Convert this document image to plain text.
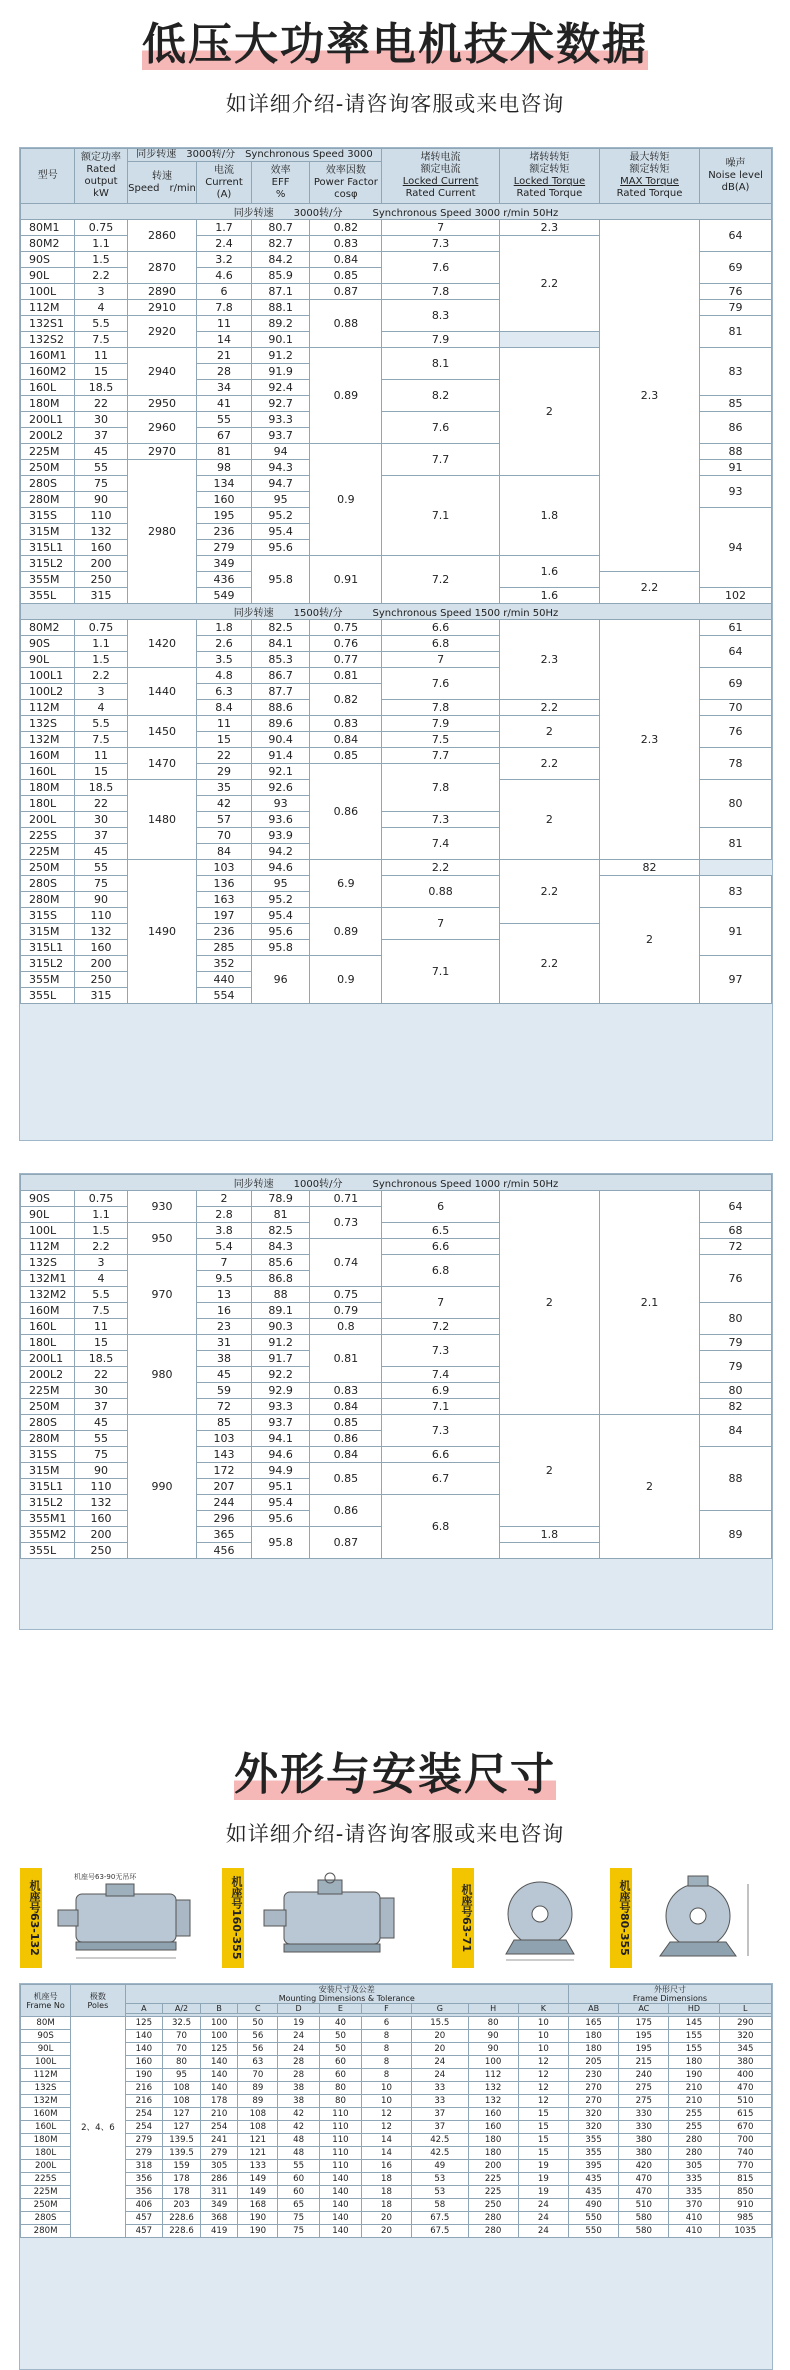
低压大功率电机技术数据
如详细介绍-请咨询客服或来电咨询
型号	额定功率
Rated
output
kW	同步转速　3000转/分　 Synchronous Speed 3000				堵转电流
额定电流
Locked Current
Rated Current	堵转转矩
额定转矩
Locked Torque
Rated Torque	最大转矩
额定转矩
MAX Torque
Rated Torque	噪声
Noise level
dB(A)
		转速
Speed　r/min	电流
Current
(A)	效率
EFF
%	效率因数
Power Factor
cosφ				
同步转速　　3000转/分　　　Synchronous Speed 3000 r/min 50Hz									
80M1	0.75	2860	1.7	80.7	0.82	7	2.3	2.3	64
80M2	1.1		2.4	82.7	0.83	7.3	2.2		
90S	1.5	2870	3.2	84.2	0.84	7.6			69
90L	2.2		4.6	85.9	0.85				
100L	3	2890	6	87.1	0.87	7.8			76
112M	4	2910	7.8	88.1	0.88	8.3			79
132S1	5.5	2920	11	89.2					81
132S2	7.5		14	90.1		7.9			
160M1	11	2940	21	91.2	0.89	8.1	2		83
160M2	15		28	91.9					
160L	18.5		34	92.4		8.2			
180M	22	2950	41	92.7					85
200L1	30	2960	55	93.3		7.6			86
200L2	37		67	93.7					
225M	45	2970	81	94	0.9	7.7			88
250M	55	2980	98	94.3					91
280S	75		134	94.7		7.1	1.8		93
280M	90		160	95					
315S	110		195	95.2					94
315M	132		236	95.4					
315L1	160		279	95.6					
315L2	200		349	95.8	0.91	7.2	1.6		
355M	250		436					2.2	
355L	315		549				1.6		102
同步转速　　1500转/分　　　Synchronous Speed 1500 r/min 50Hz									
80M2	0.75	1420	1.8	82.5	0.75	6.6	2.3	2.3	61
90S	1.1		2.6	84.1	0.76	6.8			64
90L	1.5		3.5	85.3	0.77	7			
100L1	2.2	1440	4.8	86.7	0.81	7.6			69
100L2	3		6.3	87.7	0.82				
112M	4		8.4	88.6		7.8	2.2		70
132S	5.5	1450	11	89.6	0.83	7.9	2		76
132M	7.5		15	90.4	0.84	7.5			
160M	11	1470	22	91.4	0.85	7.7	2.2		78
160L	15		29	92.1	0.86	7.8			
180M	18.5	1480	35	92.6			2		80
180L	22		42	93					
200L	30		57	93.6		7.3			
225S	37		70	93.9		7.4			81
225M	45		84	94.2					
250M	55	1490	103	94.6	6.9	2.2	2.2	82	
280S	75		136	95		0.88		2	83
280M	90		163	95.2					
315S	110		197	95.4	0.89	7			91
315M	132		236	95.6			2.2		
315L1	160		285	95.8		7.1			
315L2	200		352	96	0.9				97
355M	250		440						
355L	315		554						
同步转速　　1000转/分　　　Synchronous Speed 1000 r/min 50Hz									
90S	0.75	930	2	78.9	0.71	6	2	2.1	64
90L	1.1		2.8	81	0.73				
100L	1.5	950	3.8	82.5		6.5			68
112M	2.2		5.4	84.3	0.74	6.6			72
132S	3	970	7	85.6		6.8			76
132M1	4		9.5	86.8					
132M2	5.5		13	88	0.75	7			
160M	7.5		16	89.1	0.79				80
160L	11		23	90.3	0.8	7.2			
180L	15	980	31	91.2	0.81	7.3			79
200L1	18.5		38	91.7					79
200L2	22		45	92.2		7.4			
225M	30		59	92.9	0.83	6.9			80
250M	37		72	93.3	0.84	7.1			82
280S	45	990	85	93.7	0.85	7.3	2	2	84
280M	55		103	94.1	0.86				
315S	75		143	94.6	0.84	6.6			88
315M	90		172	94.9	0.85	6.7			
315L1	110		207	95.1					
315L2	132		244	95.4	0.86	6.8			
355M1	160		296	95.6					89
355M2	200		365	95.8	0.87		1.8		
355L	250		456						
外形与安装尺寸
如详细介绍-请咨询客服或来电咨询
机座号63-132
机座号63-90无吊环	机座号160-355	机座号63-71	机座号80-355
机座号
Frame No	极数
Poles	安装尺寸及公差
Mounting Dimensions & Tolerance										外形尺寸
Frame Dimensions			
		A	A/2	B	C	D	E	F	G	H	K	AB	AC	HD	L

80M	2、4、6	125	32.5	100	50	19	40	6	15.5	80	10	165	175	145	290
90S		140	70	100	56	24	50	8	20	90	10	180	195	155	320
90L		140	70	125	56	24	50	8	20	90	10	180	195	155	345
100L		160	80	140	63	28	60	8	24	100	12	205	215	180	380
112M		190	95	140	70	28	60	8	24	112	12	230	240	190	400
132S		216	108	140	89	38	80	10	33	132	12	270	275	210	470
132M		216	108	178	89	38	80	10	33	132	12	270	275	210	510
160M		254	127	210	108	42	110	12	37	160	15	320	330	255	615
160L		254	127	254	108	42	110	12	37	160	15	320	330	255	670
180M		279	139.5	241	121	48	110	14	42.5	180	15	355	380	280	700
180L		279	139.5	279	121	48	110	14	42.5	180	15	355	380	280	740
200L		318	159	305	133	55	110	16	49	200	19	395	420	305	770
225S		356	178	286	149	60	140	18	53	225	19	435	470	335	815
225M		356	178	311	149	60	140	18	53	225	19	435	470	335	850
250M		406	203	349	168	65	140	18	58	250	24	490	510	370	910
280S		457	228.6	368	190	75	140	20	67.5	280	24	550	580	410	985
280M		457	228.6	419	190	75	140	20	67.5	280	24	550	580	410	1035
